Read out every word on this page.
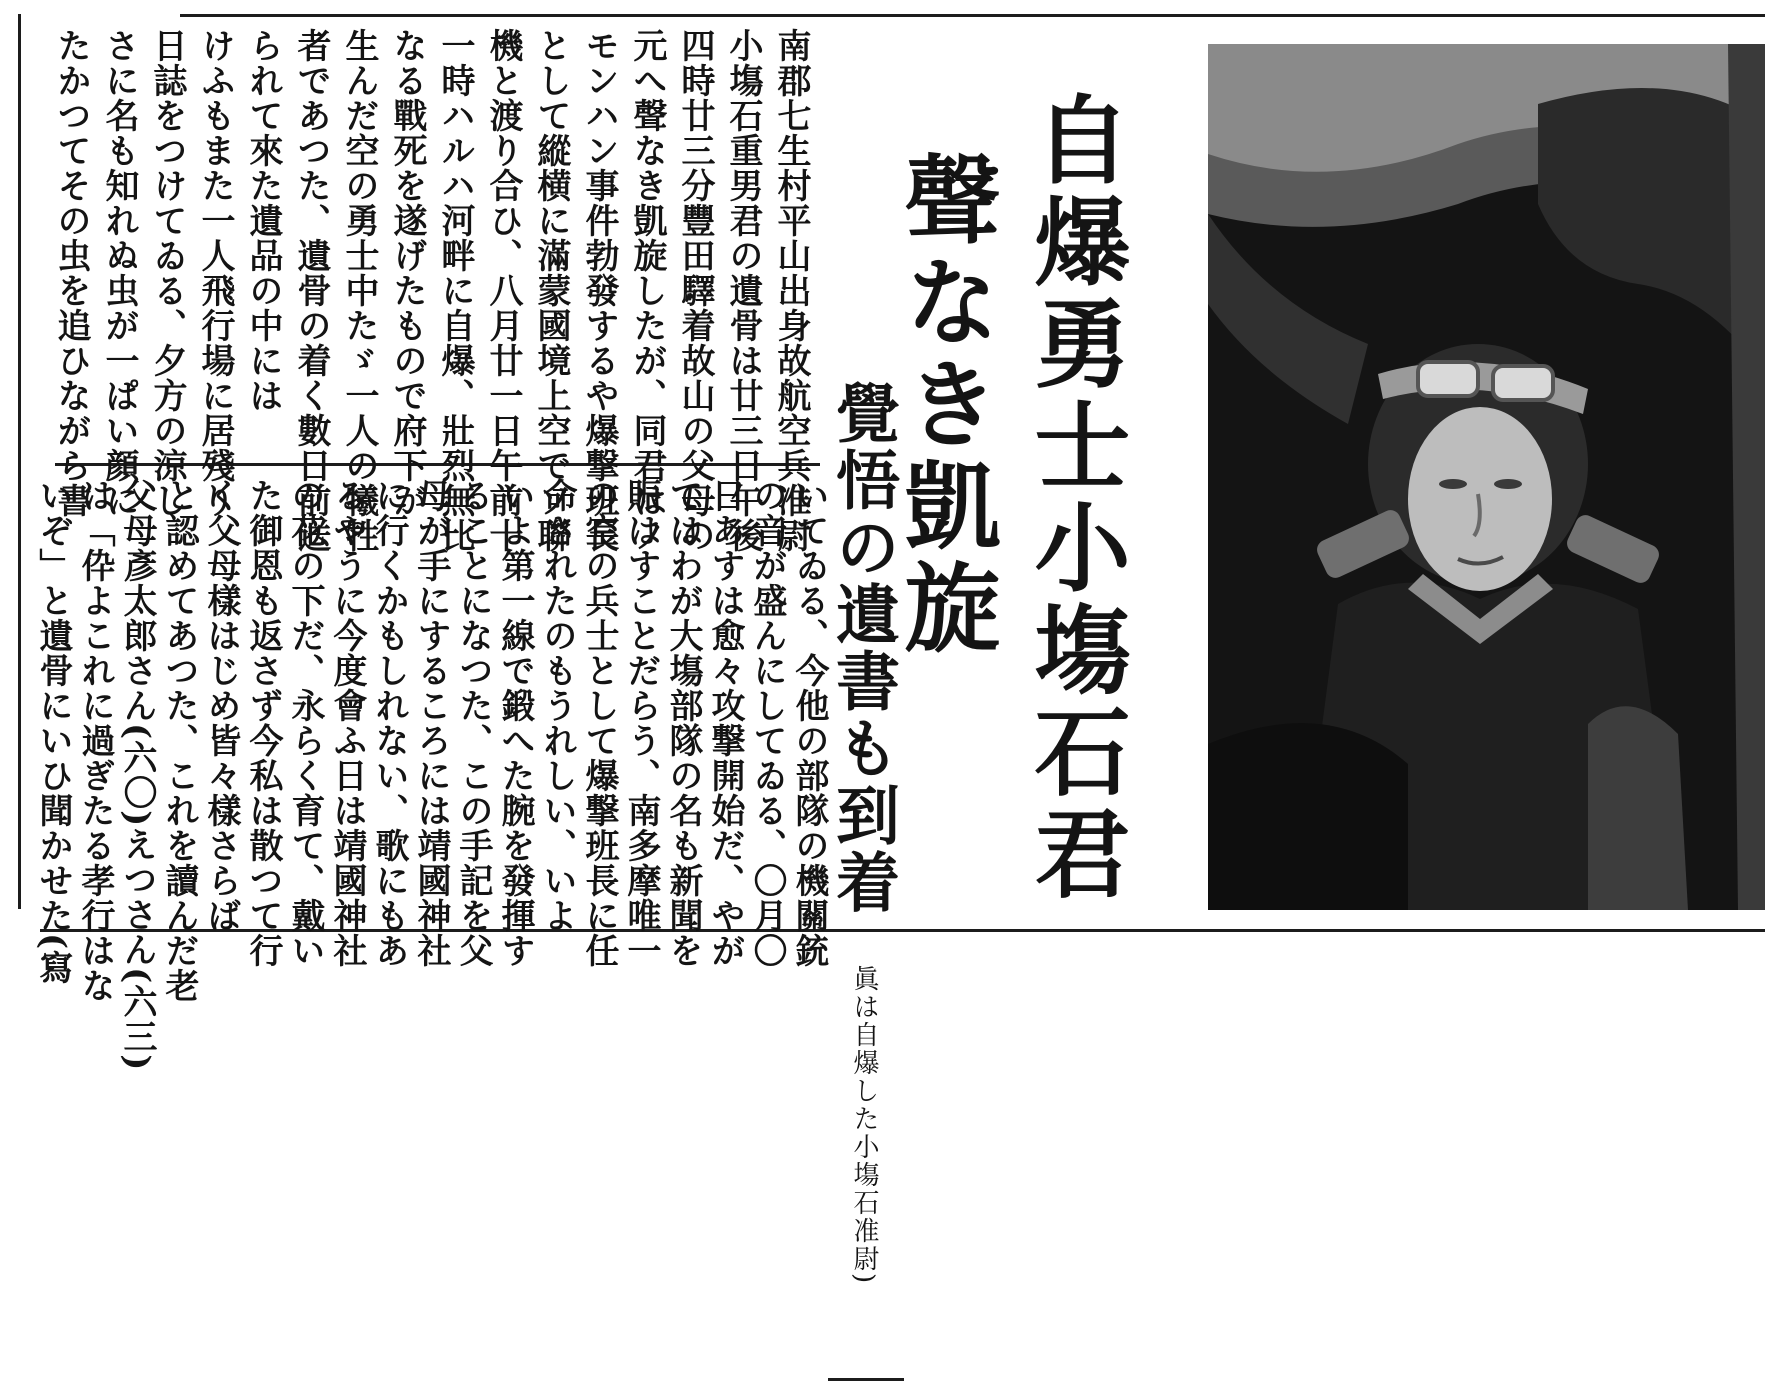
自爆勇士小塲石君
聲なき凱旋
覺悟の遺書も到着
南郡七生村平山出身故航空兵准尉
小塲石重男君の遺骨は廿三日午後
四時廿三分豐田驛着故山の父母の
元へ聲なき凱旋したが、同君はノ
モンハン事件勃發するや爆撃班長
として縱横に滿蒙國境上空でソ聯
機と渡り合ひ、八月廿一日午前十
一時ハルハ河畔に自爆、壯烈無比
なる戰死を遂げたもので府下が
生んだ空の勇士中たゞ一人の犧牲
者であつた、遺骨の着く數日前送
られて來た遺品の中には
けふもまた一人飛行場に居殘り
日誌をつけてゐる、夕方の涼し
さに名も知れぬ虫が一ぱい顔に
たかつてその虫を追ひながら書
いてゐる、今他の部隊の機關銃
の音が盛んにしてゐる、〇月〇
日あすは愈々攻撃開始だ、やが
てはわが大塲部隊の名も新聞を
賑はすことだらう、南多摩唯一
の空の兵士として爆撃班長に任
命されたのもうれしい、いよ
いよ第一線で鍛へた腕を發揮す
ることになつた、この手記を父
母が手にするころには靖國神社
に行くかもしれない、歌にもあ
るやうに今度會ふ日は靖國神社
の花の下だ、永らく育て、戴い
た御恩も返さず今私は散つて行
く父母樣はじめ皆々樣さらば
と認めてあつた、これを讀んだ老
父母彥太郎さん(六〇)えつさん(六三)
は「伜よこれに過ぎたる孝行はな
いぞ」と遺骨にいひ聞かせた(寫
眞は自爆した小塲石准尉)
